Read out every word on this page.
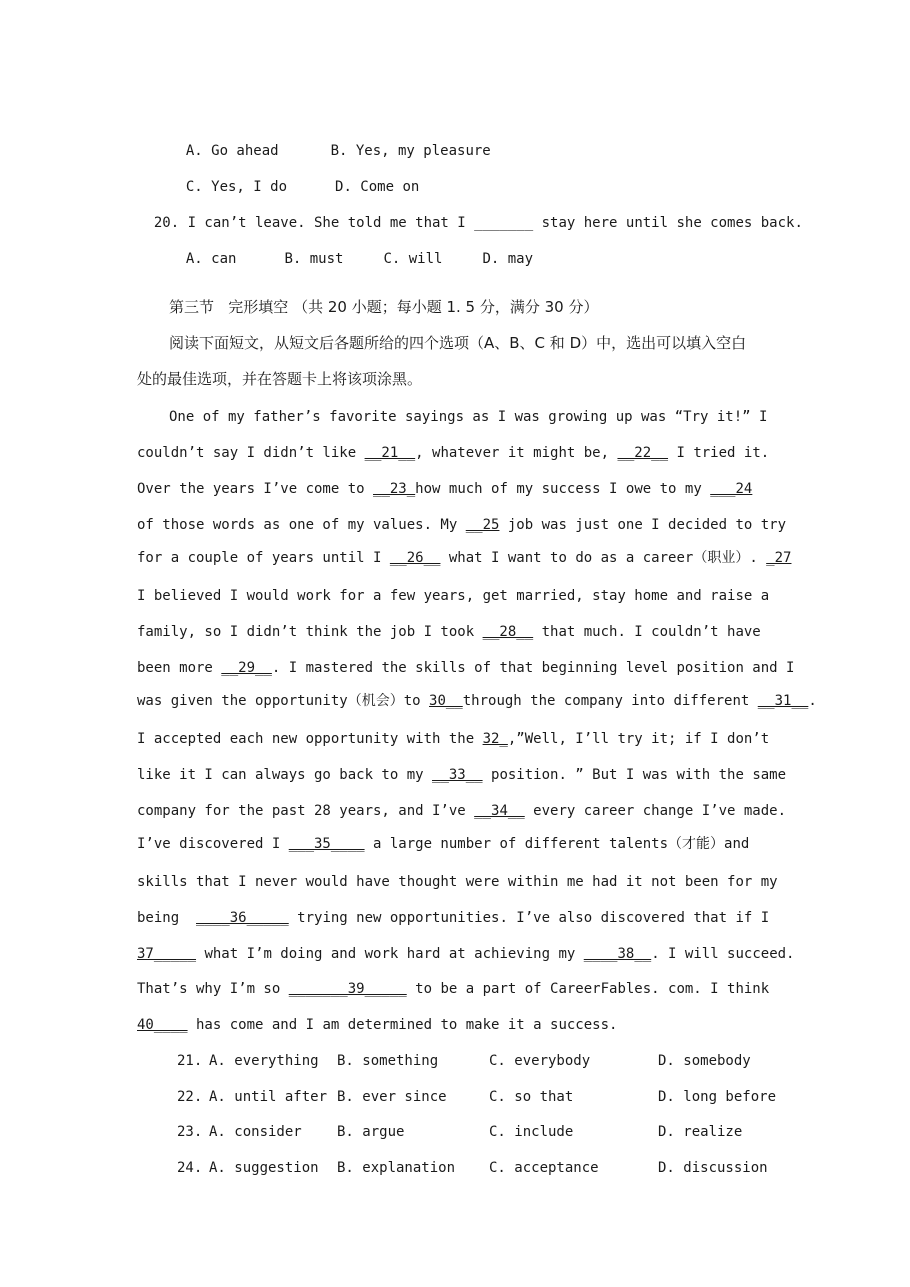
A. Go ahead	B. Yes, my pleasure

C. Yes, I do	D. Come on

20. I can’t leave. She told me that I _______ stay here until she comes back.

A. can	B. must	C. will	D. may

第三节   完形填空 （共 20 小题；每小题 1. 5 分，满分 30 分）
阅读下面短文，从短文后各题所给的四个选项（A、B、C 和 D）中，选出可以填入空白
处的最佳选项，并在答题卡上将该项涂黑。
One of my father’s favorite sayings as I was growing up was “Try it!” I
couldn’t say I didn’t like __21__, whatever it might be, __22__ I tried it.
Over the years I’ve come to __23_how much of my success I owe to my ___24
of those words as one of my values. My __25 job was just one I decided to try
for a couple of years until I __26__ what I want to do as a career（职业）. _27
I believed I would work for a few years, get married, stay home and raise a
family, so I didn’t think the job I took __28__ that much. I couldn’t have
been more __29__. I mastered the skills of that beginning level position and I
was given the opportunity（机会）to 30__through the company into different __31__.
I accepted each new opportunity with the 32_,”Well, I’ll try it; if I don’t
like it I can always go back to my __33__ position. ” But I was with the same
company for the past 28 years, and I’ve __34__ every career change I’ve made.
I’ve discovered I ___35____ a large number of different talents（才能）and
skills that I never would have thought were within me had it not been for my
being  ____36_____ trying new opportunities. I’ve also discovered that if I
37_____ what I’m doing and work hard at achieving my ____38__. I will succeed.
That’s why I’m so _______39_____ to be a part of CareerFables. com. I think
40____ has come and I am determined to make it a success.
21. A. everything B. something	C. everybody	D. somebody
22. A. until after B. ever since	C. so that	D. long before
23. A. consider	B. argue	C. include	D. realize
24. A. suggestion B. explanation C. acceptance	D. discussion
